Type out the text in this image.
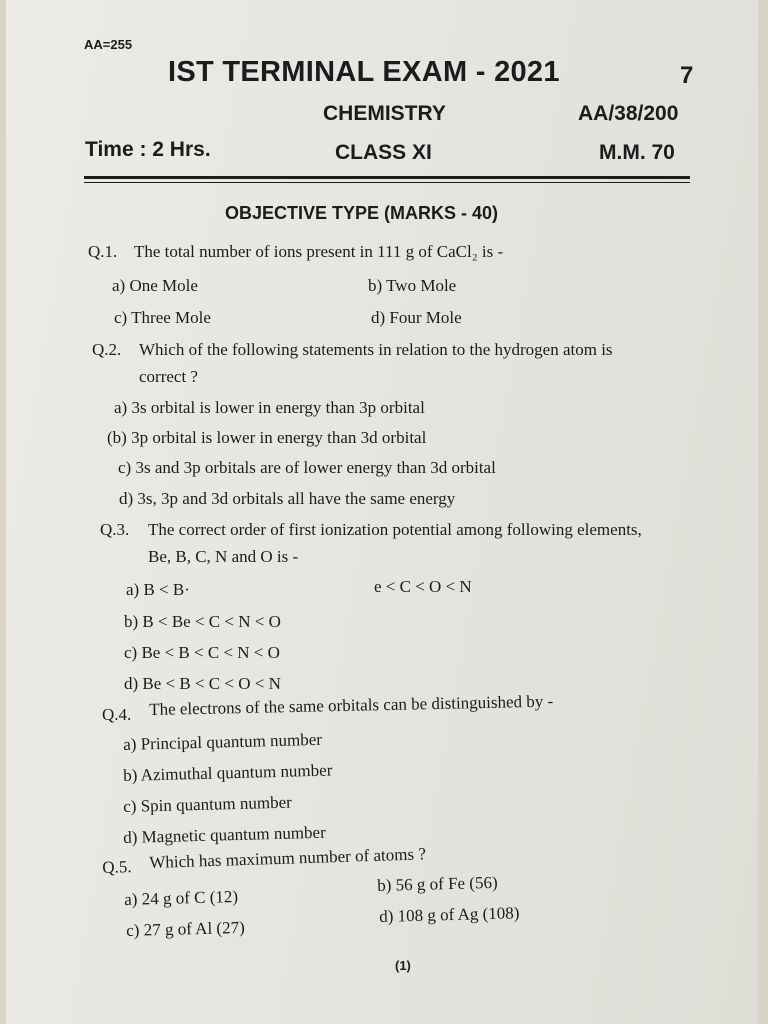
AA=255
IST TERMINAL EXAM - 2021	7
CHEMISTRY	AA/38/200
Time : 2 Hrs.	CLASS XI	M.M. 70
OBJECTIVE TYPE (MARKS - 40)
Q.1. The total number of ions present in 111 g of CaCl₂ is -
a) One Mole	b) Two Mole
c) Three Mole	d) Four Mole
Q.2. Which of the following statements in relation to the hydrogen atom is
correct ?
a) 3s orbital is lower in energy than 3p orbital
(b) 3p orbital is lower in energy than 3d orbital
c) 3s and 3p orbitals are of lower energy than 3d orbital
d) 3s, 3p and 3d orbitals all have the same energy
Q.3. The correct order of first ionization potential among following elements,
Be, B, C, N and O is -
a) B < B·	e < C < O < N
b) B < Be < C < N < O
c) Be < B < C < N < O
d) Be < B < C < O < N
Q.4. The electrons of the same orbitals can be distinguished by -
a) Principal quantum number
b) Azimuthal quantum number
c) Spin quantum number
d) Magnetic quantum number
Q.5. Which has maximum number of atoms ?
a) 24 g of C (12)
b) 56 g of Fe (56)
c) 27 g of Al (27)
d) 108 g of Ag (108)
(1)
